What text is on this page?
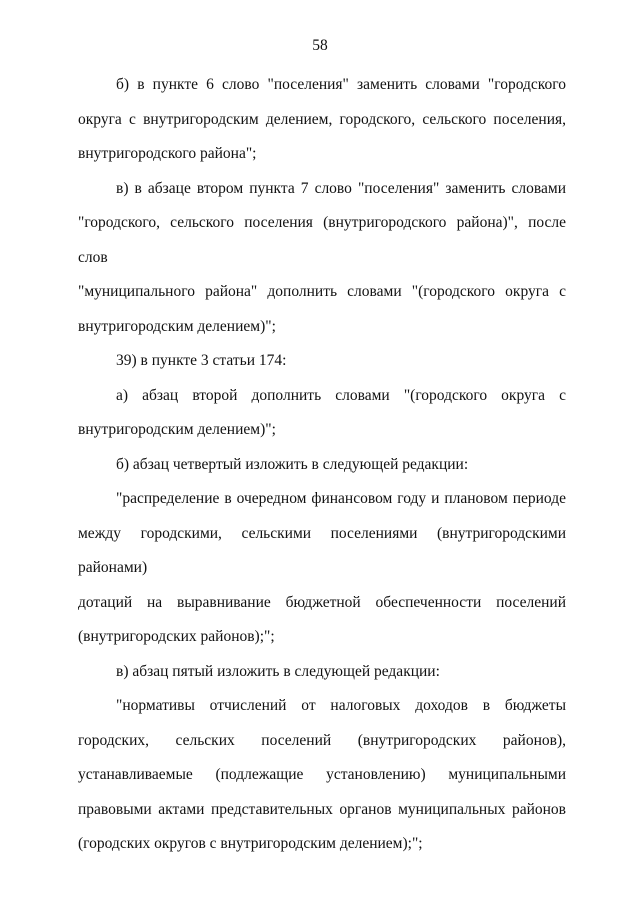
58

б) в пункте 6 слово "поселения" заменить словами "городского
округа с внутригородским делением, городского, сельского поселения,
внутригородского района";

в) в абзаце втором пункта 7 слово "поселения" заменить словами
"городского, сельского поселения (внутригородского района)", после слов
"муниципального района" дополнить словами "(городского округа с
внутригородским делением)";

39) в пункте 3 статьи 174:

а) абзац второй дополнить словами "(городского округа с
внутригородским делением)";

б) абзац четвертый изложить в следующей редакции:

"распределение в очередном финансовом году и плановом периоде
между городскими, сельскими поселениями (внутригородскими районами)
дотаций на выравнивание бюджетной обеспеченности поселений
(внутригородских районов);";

в) абзац пятый изложить в следующей редакции:

"нормативы отчислений от налоговых доходов в бюджеты
городских, сельских поселений (внутригородских районов),
устанавливаемые (подлежащие установлению) муниципальными
правовыми актами представительных органов муниципальных районов
(городских округов с внутригородским делением);";
